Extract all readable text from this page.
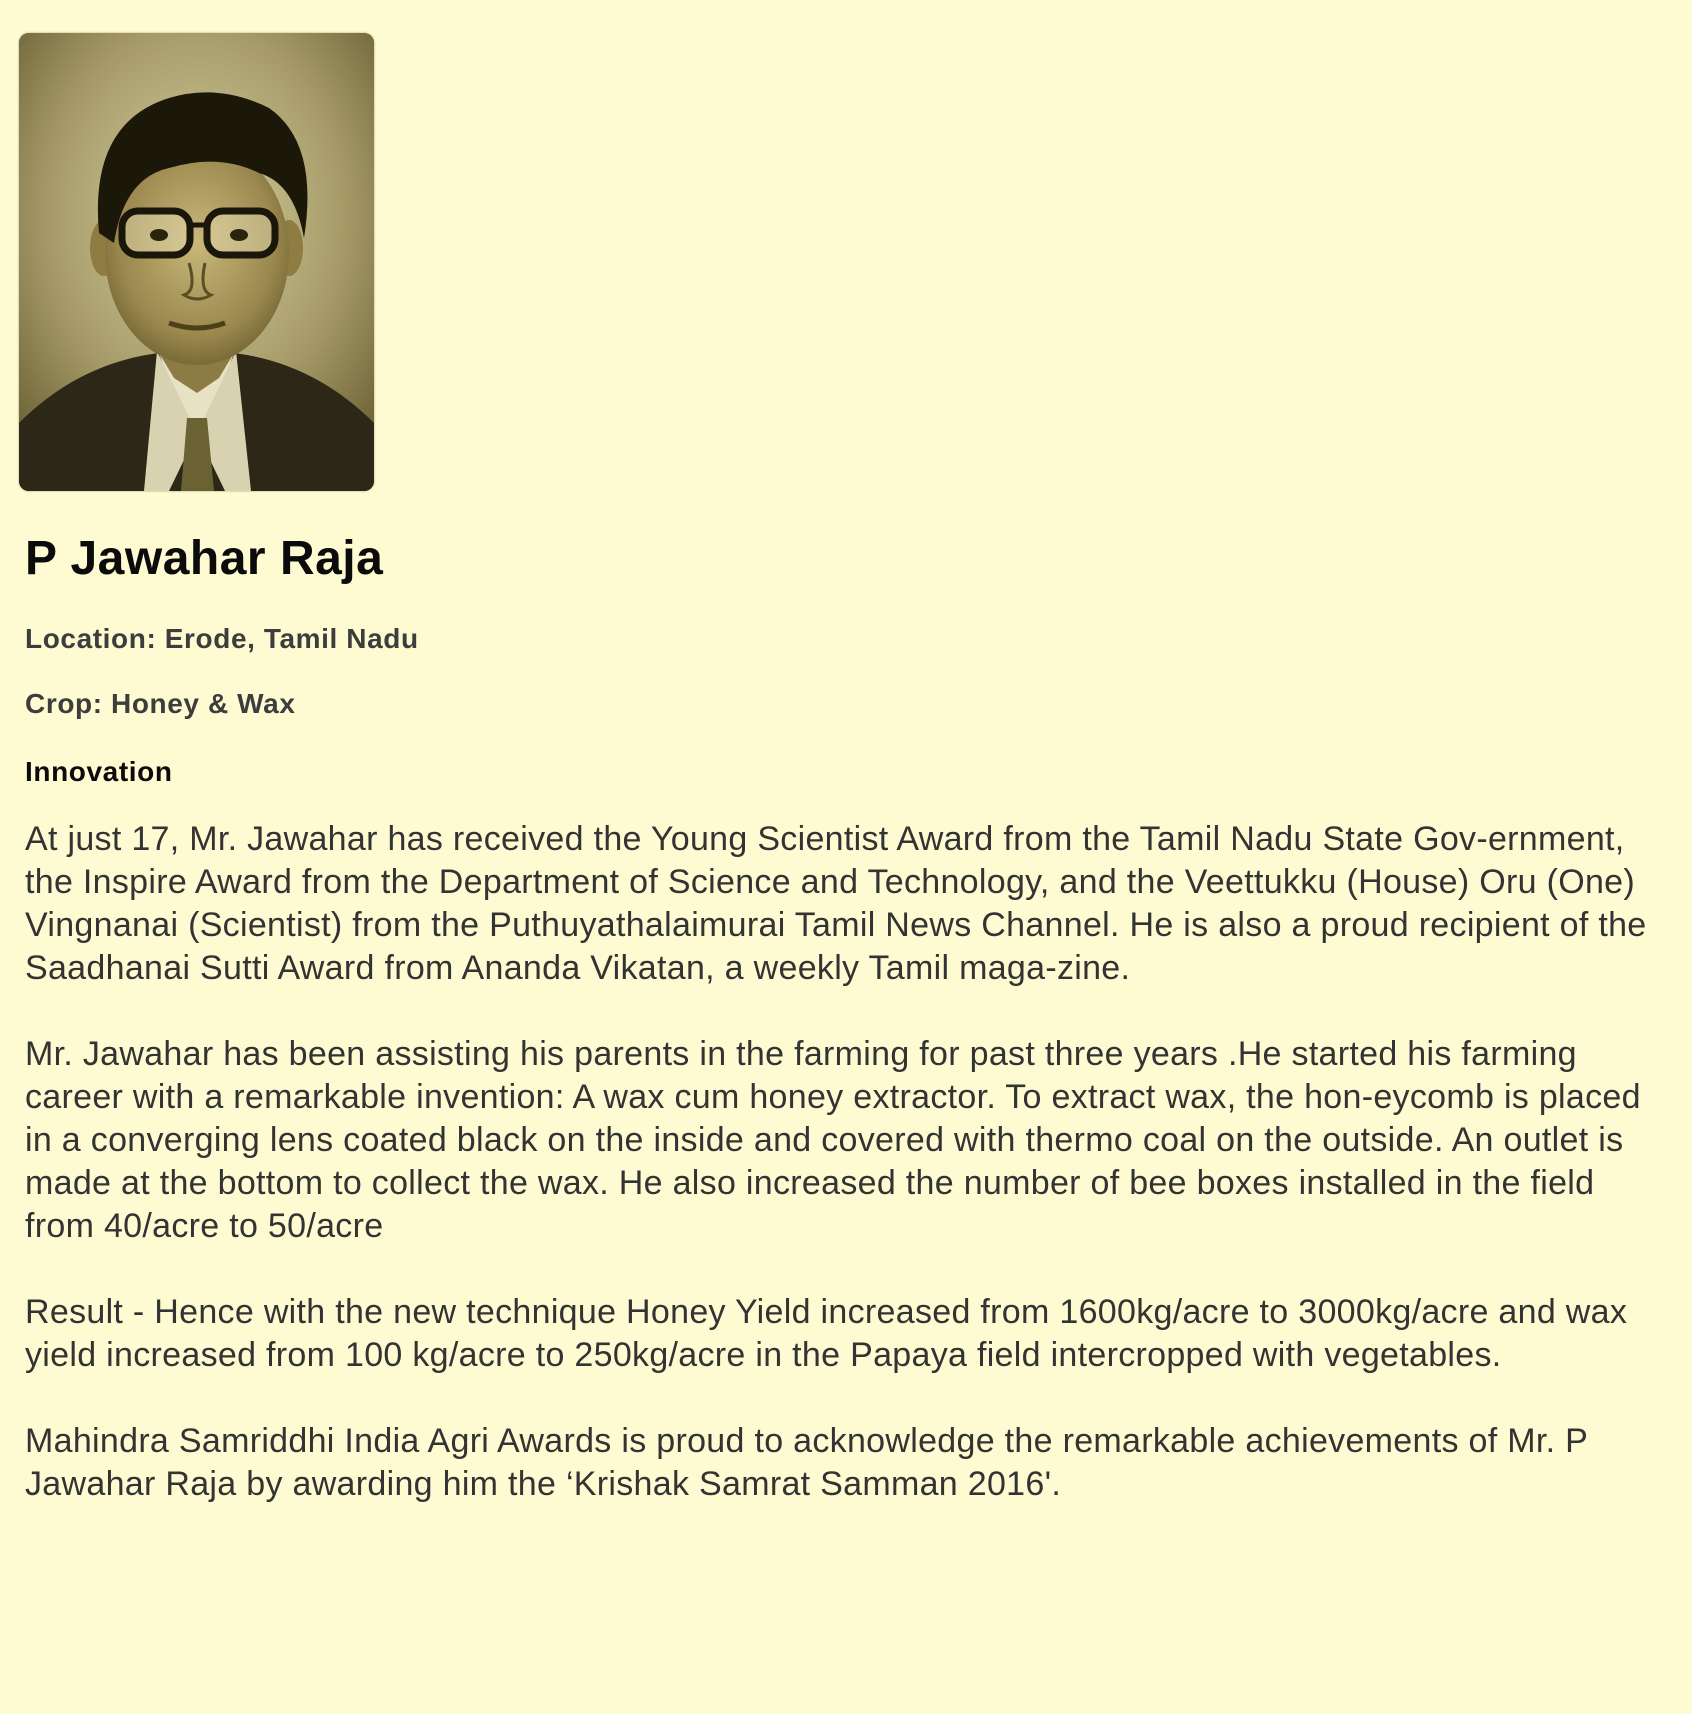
P Jawahar Raja
Location: Erode, Tamil Nadu
Crop: Honey & Wax
Innovation

At just 17, Mr. Jawahar has received the Young Scientist Award from the Tamil Nadu State Gov-ernment, the Inspire Award from the Department of Science and Technology, and the Veettukku (House) Oru (One) Vingnanai (Scientist) from the Puthuyathalaimurai Tamil News Channel. He is also a proud recipient of the Saadhanai Sutti Award from Ananda Vikatan, a weekly Tamil maga-zine.

Mr. Jawahar has been assisting his parents in the farming for past three years .He started his farming career with a remarkable invention: A wax cum honey extractor. To extract wax, the hon-eycomb is placed in a converging lens coated black on the inside and covered with thermo coal on the outside. An outlet is made at the bottom to collect the wax. He also increased the number of bee boxes installed in the field from 40/acre to 50/acre

Result - Hence with the new technique Honey Yield increased from 1600kg/acre to 3000kg/acre and wax yield increased from 100 kg/acre to 250kg/acre in the Papaya field intercropped with vegetables.

Mahindra Samriddhi India Agri Awards is proud to acknowledge the remarkable achievements of Mr. P Jawahar Raja by awarding him the ‘Krishak Samrat Samman 2016'.
